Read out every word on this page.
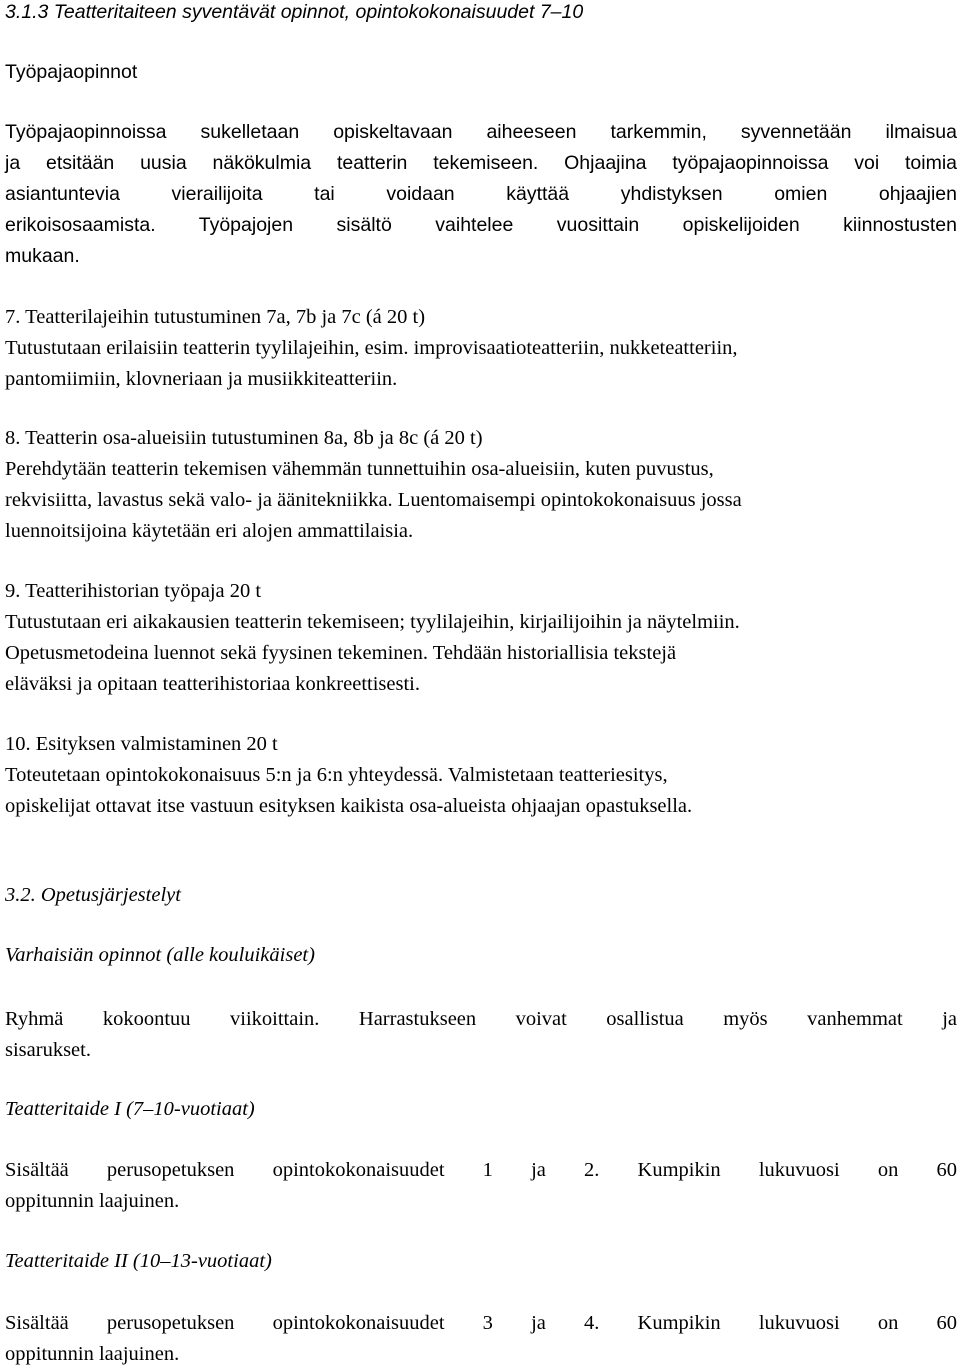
3.1.3 Teatteritaiteen syventävät opinnot, opintokokonaisuudet 7–10
Työpajaopinnot
Työpajaopinnoissa sukelletaan opiskeltavaan aiheeseen tarkemmin, syvennetään ilmaisua
ja etsitään uusia näkökulmia teatterin tekemiseen. Ohjaajina työpajaopinnoissa voi toimia
asiantuntevia vierailijoita tai voidaan käyttää yhdistyksen omien ohjaajien
erikoisosaamista. Työpajojen sisältö vaihtelee vuosittain opiskelijoiden kiinnostusten
mukaan.
7. Teatterilajeihin tutustuminen 7a, 7b ja 7c (á 20 t)
Tutustutaan erilaisiin teatterin tyylilajeihin, esim. improvisaatioteatteriin, nukketeatteriin,
pantomiimiin, klovneriaan ja musiikkiteatteriin.
8. Teatterin osa-alueisiin tutustuminen 8a, 8b ja 8c (á 20 t)
Perehdytään teatterin tekemisen vähemmän tunnettuihin osa-alueisiin, kuten puvustus,
rekvisiitta, lavastus sekä valo- ja äänitekniikka. Luentomaisempi opintokokonaisuus jossa
luennoitsijoina käytetään eri alojen ammattilaisia.
9. Teatterihistorian työpaja 20 t
Tutustutaan eri aikakausien teatterin tekemiseen; tyylilajeihin, kirjailijoihin ja näytelmiin.
Opetusmetodeina luennot sekä fyysinen tekeminen. Tehdään historiallisia tekstejä
eläväksi ja opitaan teatterihistoriaa konkreettisesti.
10. Esityksen valmistaminen 20 t
Toteutetaan opintokokonaisuus 5:n ja 6:n yhteydessä. Valmistetaan teatteriesitys,
opiskelijat ottavat itse vastuun esityksen kaikista osa-alueista ohjaajan opastuksella.
3.2. Opetusjärjestelyt
Varhaisiän opinnot (alle kouluikäiset)
Ryhmä kokoontuu viikoittain. Harrastukseen voivat osallistua myös vanhemmat ja
sisarukset.
Teatteritaide I (7–10-vuotiaat)
Sisältää perusopetuksen opintokokonaisuudet 1 ja 2. Kumpikin lukuvuosi on 60
oppitunnin laajuinen.
Teatteritaide II (10–13-vuotiaat)
Sisältää perusopetuksen opintokokonaisuudet 3 ja 4. Kumpikin lukuvuosi on 60
oppitunnin laajuinen.
